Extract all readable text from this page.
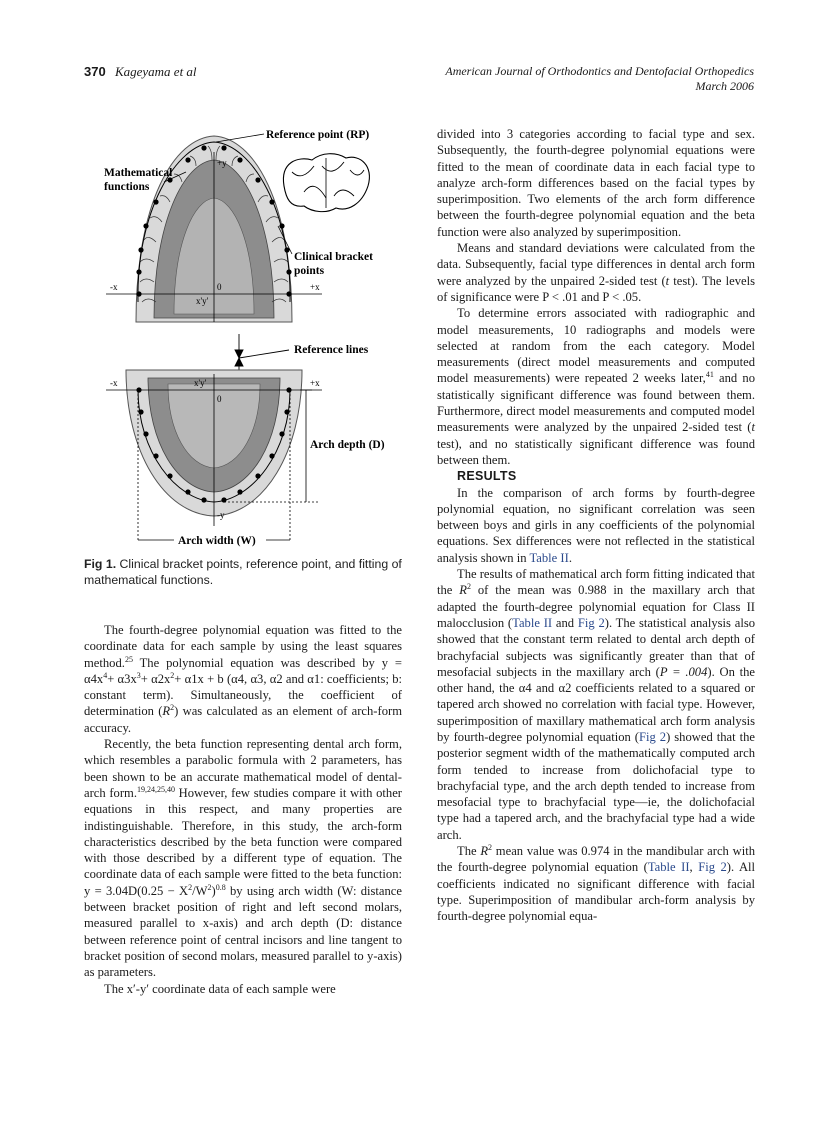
370 Kageyama et al	American Journal of Orthodontics and Dentofacial Orthopedics
March 2006
Mathematical
functions
Reference point (RP)
+y
Clinical bracket
points
-x	+x
0
x'y'
Reference lines
-x	+x
x'y'
0
-y
Arch depth (D)
Arch width (W)
Fig 1. Clinical bracket points, reference point, and fitting of mathematical functions.

The fourth-degree polynomial equation was fitted to the coordinate data for each sample by using the least squares method.$^{25}$ The polynomial equation was described by $y = \alpha 4x^4+ \alpha 3x^3+ \alpha 2x^2+ \alpha 1x + b$ (α4, α3, α2 and α1: coefficients; b: constant term). Simultaneously, the coefficient of determination $(R^2)$ was calculated as an element of arch-form accuracy.

Recently, the beta function representing dental arch form, which resembles a parabolic formula with 2 parameters, has been shown to be an accurate mathematical model of dental-arch form.$^{19,24,25,40}$ However, few studies compare it with other equations in this respect, and many properties are indistinguishable. Therefore, in this study, the arch-form characteristics described by the beta function were compared with those described by a different type of equation. The coordinate data of each sample were fitted to the beta function: $y = 3.04D(0.25 - X^2/W^2)^{0.8}$ by using arch width (W: distance between bracket position of right and left second molars, measured parallel to x-axis) and arch depth (D: distance between reference point of central incisors and line tangent to bracket position of second molars, measured parallel to y-axis) as parameters.

The x′-y′ coordinate data of each sample were

divided into 3 categories according to facial type and sex. Subsequently, the fourth-degree polynomial equations were fitted to the mean of coordinate data in each facial type to analyze arch-form differences based on the facial types by superimposition. Two elements of the arch form difference between the fourth-degree polynomial equation and the beta function were also analyzed by superimposition.

Means and standard deviations were calculated from the data. Subsequently, facial type differences in dental arch form were analyzed by the unpaired 2-sided test (t test). The levels of significance were P < .01 and P < .05.

To determine errors associated with radiographic and model measurements, 10 radiographs and models were selected at random from the each category. Model measurements (direct model measurements and computed model measurements) were repeated 2 weeks later,$^{41}$ and no statistically significant difference was found between them. Furthermore, direct model measurements and computed model measurements were analyzed by the unpaired 2-sided test (t test), and no statistically significant difference was found between them.

RESULTS

In the comparison of arch forms by fourth-degree polynomial equation, no significant correlation was seen between boys and girls in any coefficients of the polynomial equations. Sex differences were not reflected in the statistical analysis shown in Table II.

The results of mathematical arch form fitting indicated that the $R^2$ of the mean was 0.988 in the maxillary arch that adapted the fourth-degree polynomial equation for Class II malocclusion (Table II and Fig 2). The statistical analysis also showed that the constant term related to dental arch depth of brachyfacial subjects was significantly greater than that of mesofacial subjects in the maxillary arch (P = .004). On the other hand, the α4 and α2 coefficients related to a squared or tapered arch showed no correlation with facial type. However, superimposition of maxillary mathematical arch form analysis by fourth-degree polynomial equation (Fig 2) showed that the posterior segment width of the mathematically computed arch form tended to increase from dolichofacial type to brachyfacial type, and the arch depth tended to increase from mesofacial type to brachyfacial type—ie, the dolichofacial type had a tapered arch, and the brachyfacial type had a wide arch.

The $R^2$ mean value was 0.974 in the mandibular arch with the fourth-degree polynomial equation (Table II, Fig 2). All coefficients indicated no significant difference with facial type. Superimposition of mandibular arch-form analysis by fourth-degree polynomial equa-
